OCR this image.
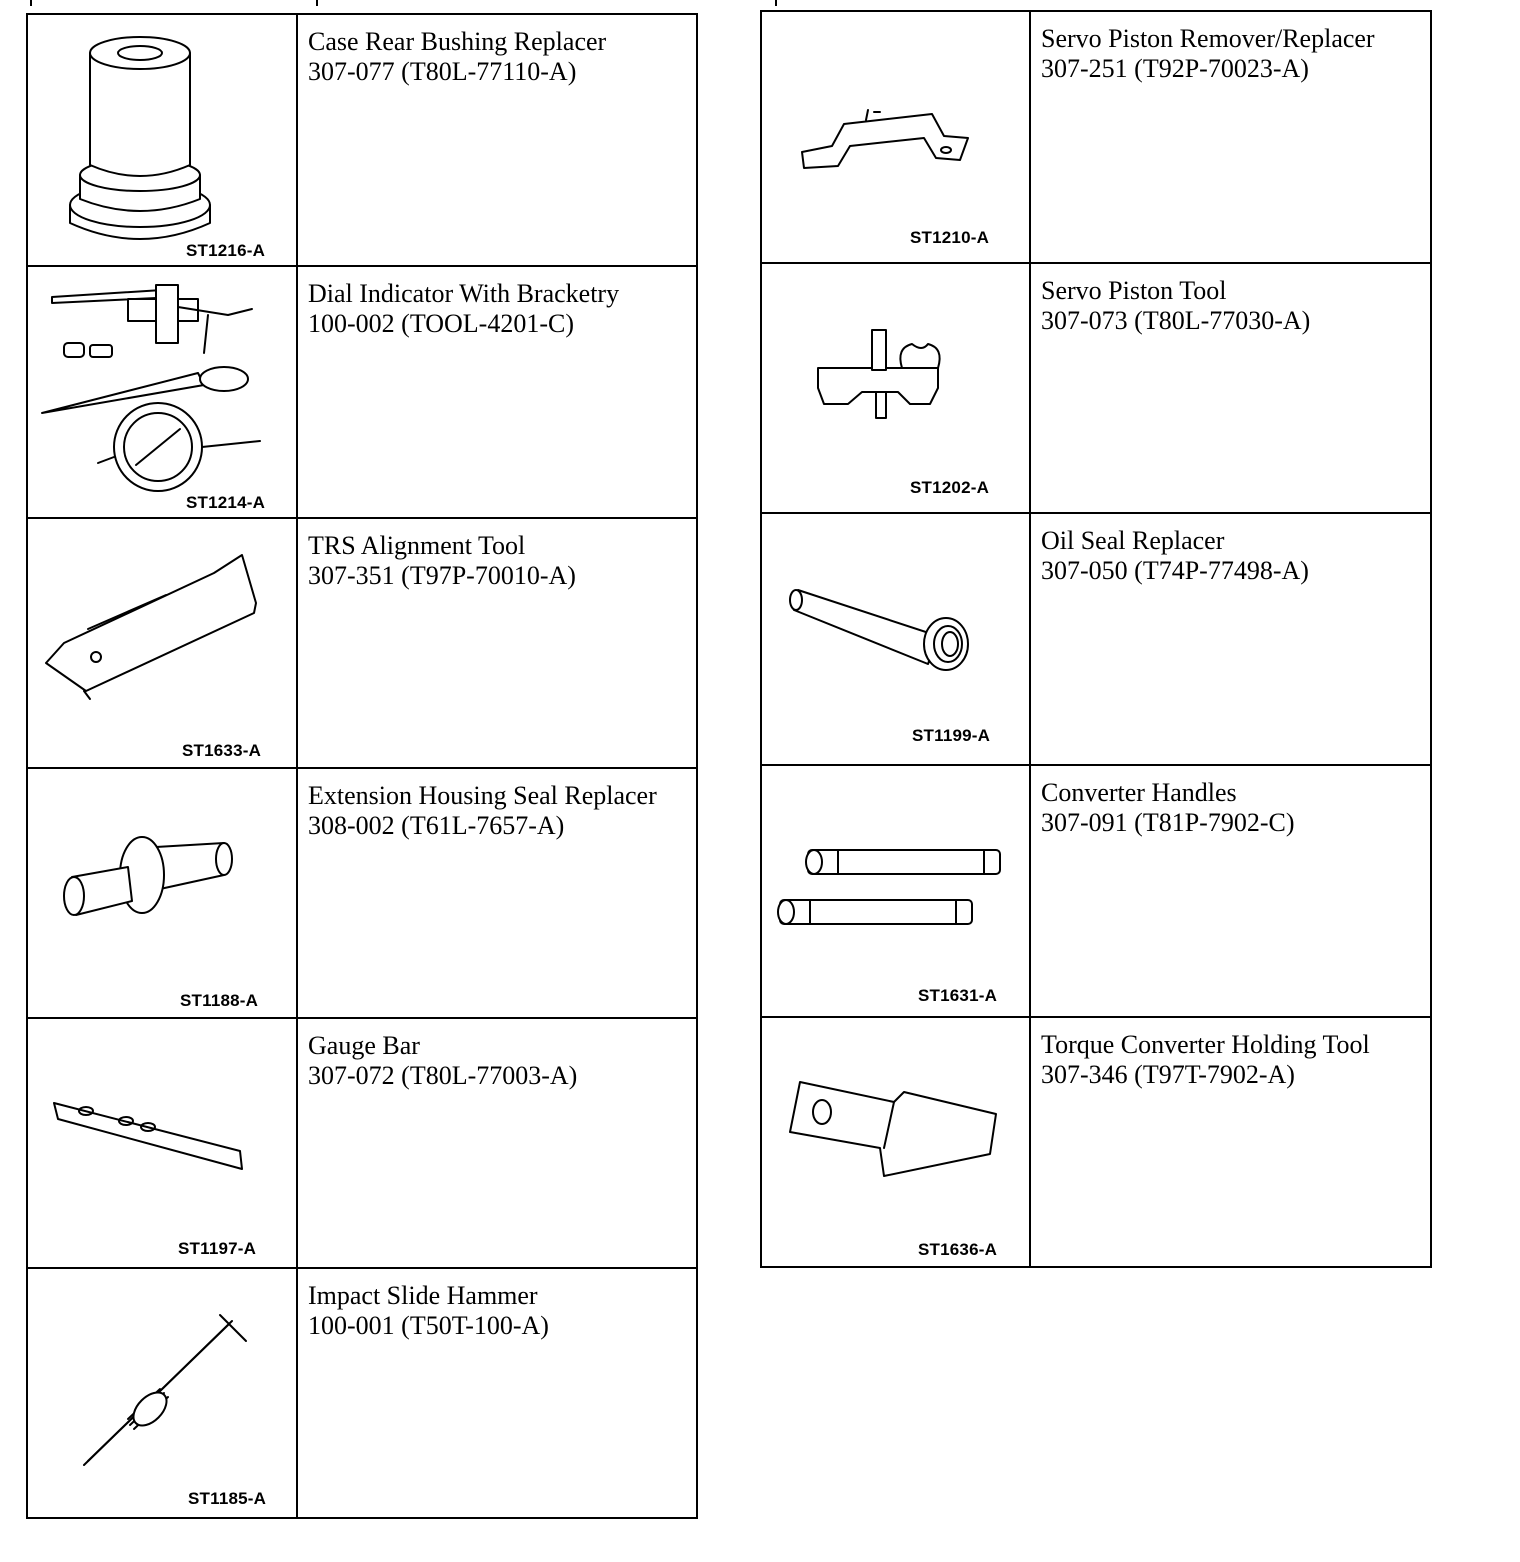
ST1216-A	Case Rear Bushing Replacer
307-077 (T80L-77110-A)

ST1214-A	Dial Indicator With Bracketry
100-002 (TOOL-4201-C)

ST1633-A	TRS Alignment Tool
307-351 (T97P-70010-A)

ST1188-A	Extension Housing Seal Replacer
308-002 (T61L-7657-A)

ST1197-A	Gauge Bar
307-072 (T80L-77003-A)

ST1185-A	Impact Slide Hammer
100-001 (T50T-100-A)

ST1210-A	Servo Piston Remover/Replacer
307-251 (T92P-70023-A)

ST1202-A	Servo Piston Tool
307-073 (T80L-77030-A)

ST1199-A	Oil Seal Replacer
307-050 (T74P-77498-A)

ST1631-A	Converter Handles
307-091 (T81P-7902-C)

ST1636-A	Torque Converter Holding Tool
307-346 (T97T-7902-A)
